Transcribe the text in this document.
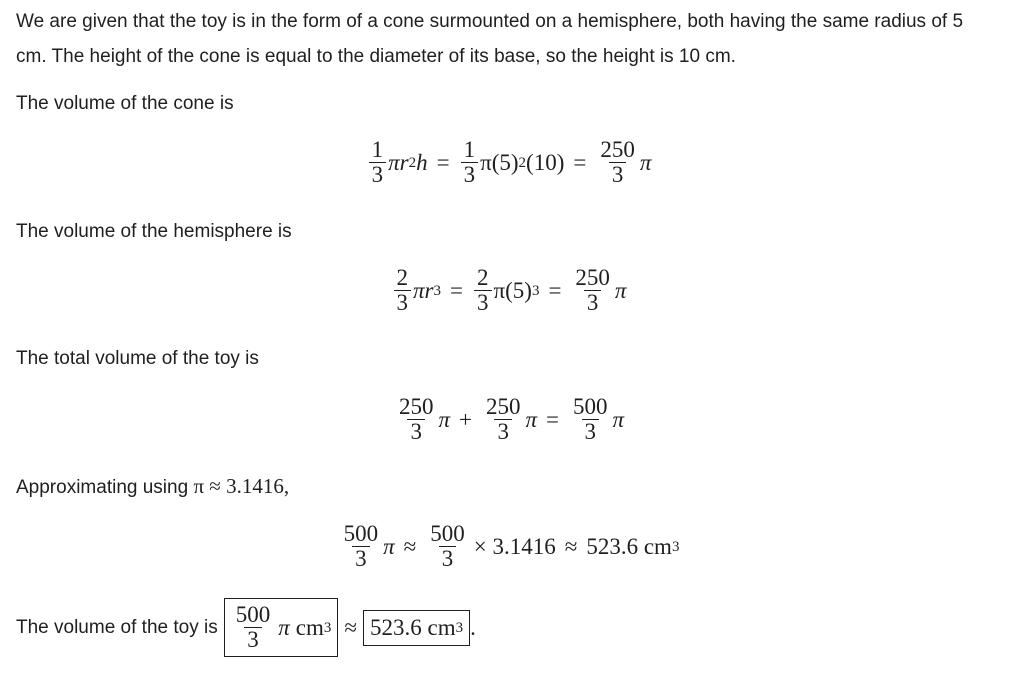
We are given that the toy is in the form of a cone surmounted on a hemisphere, both having the same radius of 5 cm. The height of the cone is equal to the diameter of its base, so the height is 10 cm.

The volume of the cone is

$\frac{1}{3}$ πr 2 $h = \frac{1}{3} \pi(5)$ 2 $(10) = \frac{250}{3}$ π

The volume of the hemisphere is

$\frac{2}{3}$ πr $3 = \frac{2}{3} \pi(5) 3 = \frac{250}{3}$ π

The total volume of the toy is

$\frac{250}{3}$ $\pi + \frac{250}{3}$ $\pi = \frac{500}{3}$ π

Approximating using π ≈ 3.1416,

$\frac{500}{3}$ $\pi \approx \frac{500}{3} \times 3.1416 \approx 523.6$ cm 3
The volume of the toy is $\frac{500}{3}$ π cm 3 ≈ 523.6 cm 3 .
